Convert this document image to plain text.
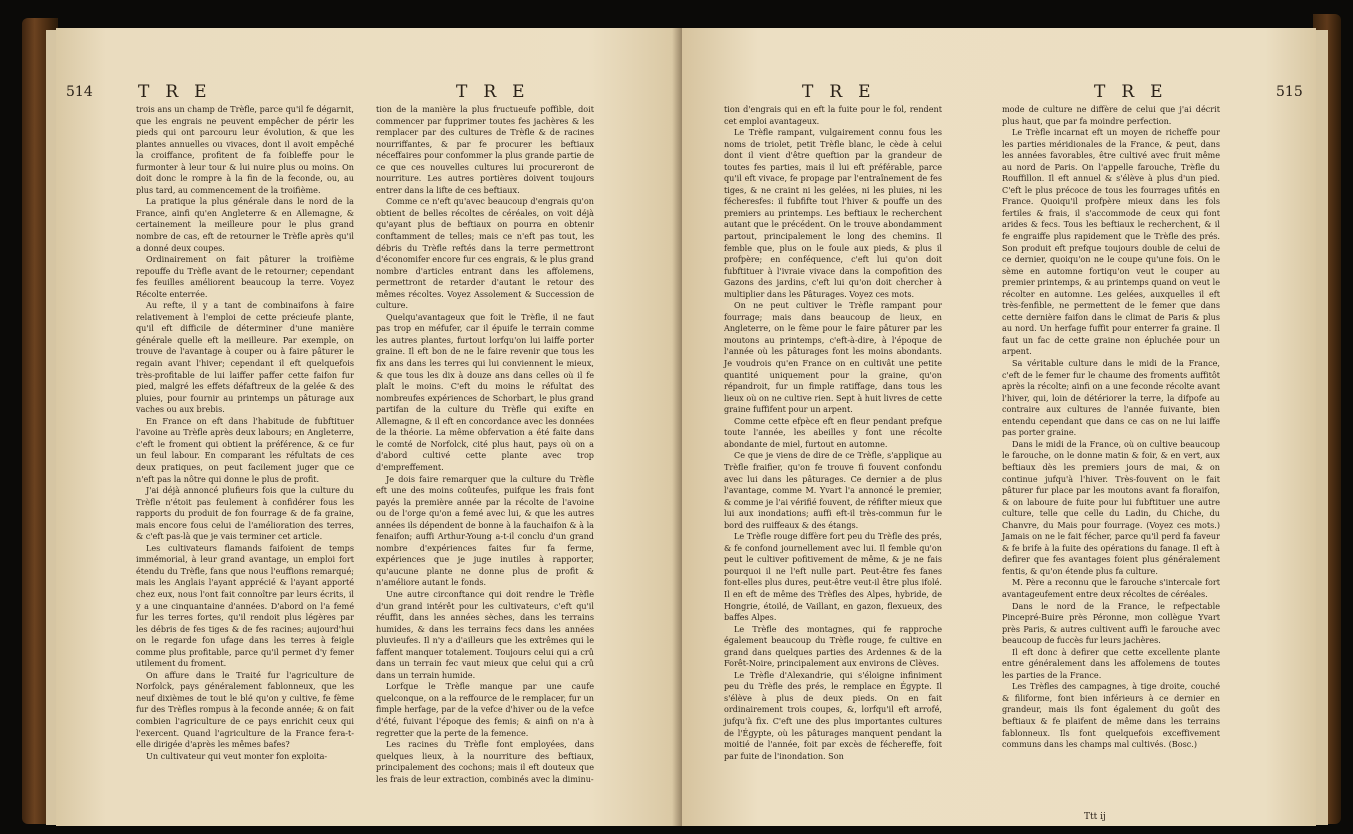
514	TRE	TRE

trois ans un champ de Trèfle, parce qu'il fe dégarnit, que les engrais ne peuvent empêcher de périr les pieds qui ont parcouru leur évolution, & que les plantes annuelles ou vivaces, dont il avoit empêché la croiffance, profitent de fa foibleffe pour le furmonter à leur tour & lui nuire plus ou moins. On doit donc le rompre à la fin de la feconde, ou, au plus tard, au commencement de la troifième.

La pratique la plus générale dans le nord de la France, ainfi qu'en Angleterre & en Allemagne, & certainement la meilleure pour le plus grand nombre de cas, eft de retourner le Trèfle après qu'il a donné deux coupes.

Ordinairement on fait pâturer la troifième repouffe du Trèfle avant de le retourner; cependant fes feuilles améliorent beaucoup la terre. Voyez Récolte enterrée.

Au refte, il y a tant de combinaifons à faire relativement à l'emploi de cette précieufe plante, qu'il eft difficile de déterminer d'une manière générale quelle eft la meilleure. Par exemple, on trouve de l'avantage à couper ou à faire pâturer le regain avant l'hiver; cependant il eft quelquefois très-profitable de lui laiffer paffer cette faifon fur pied, malgré les effets défaftreux de la gelée & des pluies, pour fournir au printemps un pâturage aux vaches ou aux brebis.

En France on eft dans l'habitude de fubftituer l'avoine au Trèfle après deux labours; en Angleterre, c'eft le froment qui obtient la préférence, & ce fur un feul labour. En comparant les réfultats de ces deux pratiques, on peut facilement juger que ce n'eft pas la nôtre qui donne le plus de profit.

J'ai déjà annoncé plufieurs fois que la culture du Trèfle n'étoit pas feulement à confidérer fous les rapports du produit de fon fourrage & de fa graine, mais encore fous celui de l'amélioration des terres, & c'eft pas-là que je vais terminer cet article.

Les cultivateurs flamands faifoient de temps immémorial, à leur grand avantage, un emploi fort étendu du Trèfle, fans que nous l'euffions remarqué; mais les Anglais l'ayant apprécié & l'ayant apporté chez eux, nous l'ont fait connoître par leurs écrits, il y a une cinquantaine d'années. D'abord on l'a femé fur les terres fortes, qu'il rendoit plus légères par les débris de fes tiges & de fes racines; aujourd'hui on le regarde fon ufage dans les terres à feigle comme plus profitable, parce qu'il permet d'y femer utilement du froment.

On affure dans le Traité fur l'agriculture de Norfolck, pays généralement fablonneux, que les neuf dixièmes de tout le blé qu'on y cultive, fe fème fur des Trèfles rompus à la feconde année; & on fait combien l'agriculture de ce pays enrichit ceux qui l'exercent. Quand l'agriculture de la France fera-t-elle dirigée d'après les mêmes bafes?

Un cultivateur qui veut monter fon exploita-

tion de la manière la plus fructueufe poffible, doit commencer par fupprimer toutes fes jachères & les remplacer par des cultures de Trèfle & de racines nourriffantes, & par fe procurer les beftiaux néceffaires pour confommer la plus grande partie de ce que ces nouvelles cultures lui procureront de nourriture. Les autres portières doivent toujours entrer dans la lifte de ces beftiaux.

Comme ce n'eft qu'avec beaucoup d'engrais qu'on obtient de belles récoltes de céréales, on voit déjà qu'ayant plus de beftiaux on pourra en obtenir conftamment de telles; mais ce n'eft pas tout, les débris du Trèfle reftés dans la terre permettront d'économifer encore fur ces engrais, & le plus grand nombre d'articles entrant dans les affolemens, permettront de retarder d'autant le retour des mêmes récoltes. Voyez Assolement & Succession de culture.

Quelqu'avantageux que foit le Trèfle, il ne faut pas trop en méfufer, car il épuife le terrain comme les autres plantes, furtout lorfqu'on lui laiffe porter graine. Il eft bon de ne le faire revenir que tous les fix ans dans les terres qui lui conviennent le mieux, & que tous les dix à douze ans dans celles où il fe plaît le moins. C'eft du moins le réfultat des nombreufes expériences de Schorbart, le plus grand partifan de la culture du Trèfle qui exifte en Allemagne, & il eft en concordance avec les données de la théorie. La même obfervation a été faite dans le comté de Norfolck, cité plus haut, pays où on a d'abord cultivé cette plante avec trop d'empreffement.

Je dois faire remarquer que la culture du Trèfle eft une des moins coûteufes, puifque les frais font payés la première année par la récolte de l'avoine ou de l'orge qu'on a femé avec lui, & que les autres années ils dépendent de bonne à la fauchaifon & à la fenaifon; auffi Arthur-Young a-t-il conclu d'un grand nombre d'expériences faites fur fa ferme, expériences que je juge inutiles à rapporter, qu'aucune plante ne donne plus de profit & n'améliore autant le fonds.

Une autre circonftance qui doit rendre le Trèfle d'un grand intérêt pour les cultivateurs, c'eft qu'il réuffit, dans les années sèches, dans les terrains humides, & dans les terrains fecs dans les années pluvieufes. Il n'y a d'ailleurs que les extrêmes qui le faffent manquer totalement. Toujours celui qui a crû dans un terrain fec vaut mieux que celui qui a crû dans un terrain humide.

Lorfque le Trèfle manque par une caufe quelconque, on a la reffource de le remplacer, fur un fimple herfage, par de la vefce d'hiver ou de la vefce d'été, fuivant l'époque des femis; & ainfi on n'a à regretter que la perte de la femence.

Les racines du Trèfle font employées, dans quelques lieux, à la nourriture des beftiaux, principalement des cochons; mais il eft douteux que les frais de leur extraction, combinés avec la diminu-

TRE	TRE	515

tion d'engrais qui en eft la fuite pour le fol, rendent cet emploi avantageux.

Le Trèfle rampant, vulgairement connu fous les noms de triolet, petit Trèfle blanc, le cède à celui dont il vient d'être queftion par la grandeur de toutes fes parties, mais il lui eft préférable, parce qu'il eft vivace, fe propage par l'entraînement de fes tiges, & ne craint ni les gelées, ni les pluies, ni les fécheresfes: il fubfifte tout l'hiver & pouffe un des premiers au printemps. Les beftiaux le recherchent autant que le précédent. On le trouve abondamment partout, principalement le long des chemins. Il femble que, plus on le foule aux pieds, & plus il profpère; en conféquence, c'eft lui qu'on doit fubftituer à l'ivraie vivace dans la compofition des Gazons des jardins, c'eft lui qu'on doit chercher à multiplier dans les Pâturages. Voyez ces mots.

On ne peut cultiver le Trèfle rampant pour fourrage; mais dans beaucoup de lieux, en Angleterre, on le fème pour le faire pâturer par les moutons au printemps, c'eft-à-dire, à l'époque de l'année où les pâturages font les moins abondants. Je voudrois qu'en France on en cultivât une petite quantité uniquement pour la graine, qu'on répandroit, fur un fimple ratiffage, dans tous les lieux où on ne cultive rien. Sept à huit livres de cette graine fuffifent pour un arpent.

Comme cette efpèce eft en fleur pendant prefque toute l'année, les abeilles y font une récolte abondante de miel, furtout en automne.

Ce que je viens de dire de ce Trèfle, s'applique au Trèfle fraifier, qu'on fe trouve fi fouvent confondu avec lui dans les pâturages. Ce dernier a de plus l'avantage, comme M. Yvart l'a annoncé le premier, & comme je l'ai vérifié fouvent, de réfifter mieux que lui aux inondations; auffi eft-il très-commun fur le bord des ruiffeaux & des étangs.

Le Trèfle rouge diffère fort peu du Trèfle des prés, & fe confond journellement avec lui. Il femble qu'on peut le cultiver pofitivement de même, & je ne fais pourquoi il ne l'eft nulle part. Peut-être fes fanes font-elles plus dures, peut-être veut-il être plus ifolé. Il en eft de même des Trèfles des Alpes, hybride, de Hongrie, étoilé, de Vaillant, en gazon, flexueux, des baffes Alpes.

Le Trèfle des montagnes, qui fe rapproche également beaucoup du Trèfle rouge, fe cultive en grand dans quelques parties des Ardennes & de la Forêt-Noire, principalement aux environs de Clèves.

Le Trèfle d'Alexandrie, qui s'éloigne infiniment peu du Trèfle des prés, le remplace en Égypte. Il s'élève à plus de deux pieds. On en fait ordinairement trois coupes, &, lorfqu'il eft arrofé, jufqu'à fix. C'eft une des plus importantes cultures de l'Égypte, où les pâturages manquent pendant la moitié de l'année, foit par excès de féchereffe, foit par fuite de l'inondation. Son

mode de culture ne diffère de celui que j'ai décrit plus haut, que par fa moindre perfection.

Le Trèfle incarnat eft un moyen de richeffe pour les parties méridionales de la France, & peut, dans les années favorables, être cultivé avec fruit même au nord de Paris. On l'appelle farouche, Trèfle du Rouffillon. Il eft annuel & s'élève à plus d'un pied. C'eft le plus précoce de tous les fourrages ufités en France. Quoiqu'il profpère mieux dans les fols fertiles & frais, il s'accommode de ceux qui font arides & fecs. Tous les beftiaux le recherchent, & il fe engraiffe plus rapidement que le Trèfle des prés. Son produit eft prefque toujours double de celui de ce dernier, quoiqu'on ne le coupe qu'une fois. On le sème en automne fortiqu'on veut le couper au premier printemps, & au printemps quand on veut le récolter en automne. Les gelées, auxquelles il eft très-fenfible, ne permettent de le femer que dans cette dernière faifon dans le climat de Paris & plus au nord. Un herfage fuffit pour enterrer fa graine. Il faut un fac de cette graine non épluchée pour un arpent.

Sa véritable culture dans le midi de la France, c'eft de le femer fur le chaume des froments auffitôt après la récolte; ainfi on a une feconde récolte avant l'hiver, qui, loin de détériorer la terre, la difpofe au contraire aux cultures de l'année fuivante, bien entendu cependant que dans ce cas on ne lui laiffe pas porter graine.

Dans le midi de la France, où on cultive beaucoup le farouche, on le donne matin & foir, & en vert, aux beftiaux dès les premiers jours de mai, & on continue jufqu'à l'hiver. Très-fouvent on le fait pâturer fur place par les moutons avant fa floraifon, & on laboure de fuite pour lui fubftituer une autre culture, telle que celle du Ladin, du Chiche, du Chanvre, du Mais pour fourrage. (Voyez ces mots.) Jamais on ne le fait fécher, parce qu'il perd fa faveur & fe brife à la fuite des opérations du fanage. Il eft à defirer que fes avantages foient plus généralement fentis, & qu'on étende plus fa culture.

M. Père a reconnu que le farouche s'intercale fort avantageufement entre deux récoltes de céréales.

Dans le nord de la France, le refpectable Pincepré-Buire près Péronne, mon collègue Yvart près Paris, & autres cultivent auffi le farouche avec beaucoup de fuccès fur leurs jachères.

Il eft donc à defirer que cette excellente plante entre généralement dans les affolemens de toutes les parties de la France.

Les Trèfles des campagnes, à tige droite, couché & filiforme, font bien inférieurs à ce dernier en grandeur, mais ils font également du goût des beftiaux & fe plaifent de même dans les terrains fablonneux. Ils font quelquefois exceffivement communs dans les champs mal cultivés. (Bosc.)

Ttt ij
